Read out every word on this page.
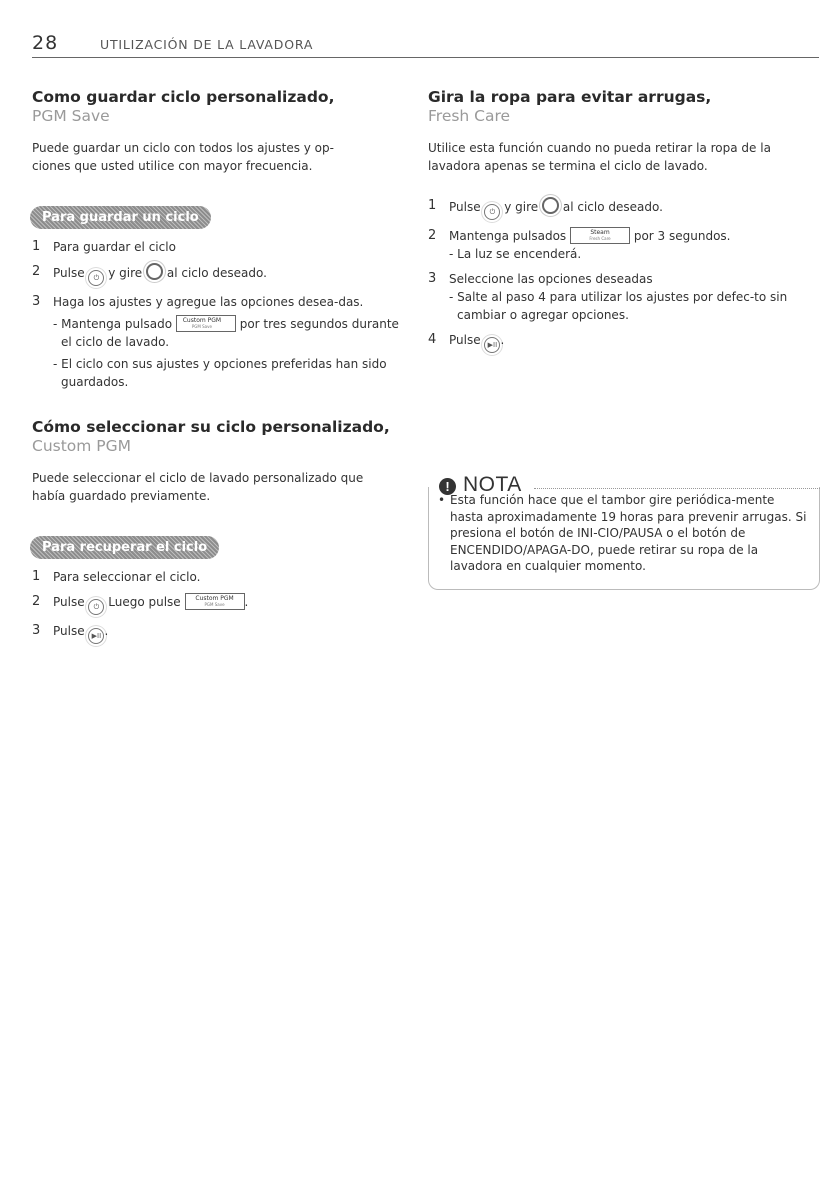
28	UTILIZACIÓN DE LA LAVADORA

Como guardar ciclo personalizado,

PGM Save

Puede guardar un ciclo con todos los ajustes y op-ciones que usted utilice con mayor frecuencia.

Para guardar un ciclo
1 Para guardar el ciclo
2 Pulse ⏻ y gire al ciclo deseado.
3 Haga los ajustes y agregue las opciones desea-das.
- Mantenga pulsado	Custom PGM
PGM Save	por tres segundos durante el ciclo de lavado.
- El ciclo con sus ajustes y opciones preferidas han sido guardados.

Cómo seleccionar su ciclo personalizado,

Custom PGM

Puede seleccionar el ciclo de lavado personalizado que había guardado previamente.

Para recuperar el ciclo
1 Para seleccionar el ciclo.
2 Pulse ⏻ Luego pulse	Custom PGM
PGM Save	.
3 Pulse ▶II .

Gira la ropa para evitar arrugas,

Fresh Care

Utilice esta función cuando no pueda retirar la ropa de la lavadora apenas se termina el ciclo de lavado.

1 Pulse ⏻ y gire al ciclo deseado.
2 Mantenga pulsados	Steam
Fresh Care	por 3 segundos.
- La luz se encenderá.
3 Seleccione las opciones deseadas
- Salte al paso 4 para utilizar los ajustes por defec-to sin cambiar o agregar opciones.
4 Pulse ▶II .
! NOTA
• Esta función hace que el tambor gire periódica-mente hasta aproximadamente 19 horas para prevenir arrugas. Si presiona el botón de INI-CIO/PAUSA o el botón de ENCENDIDO/APAGA-DO, puede retirar su ropa de la lavadora en cualquier momento.
